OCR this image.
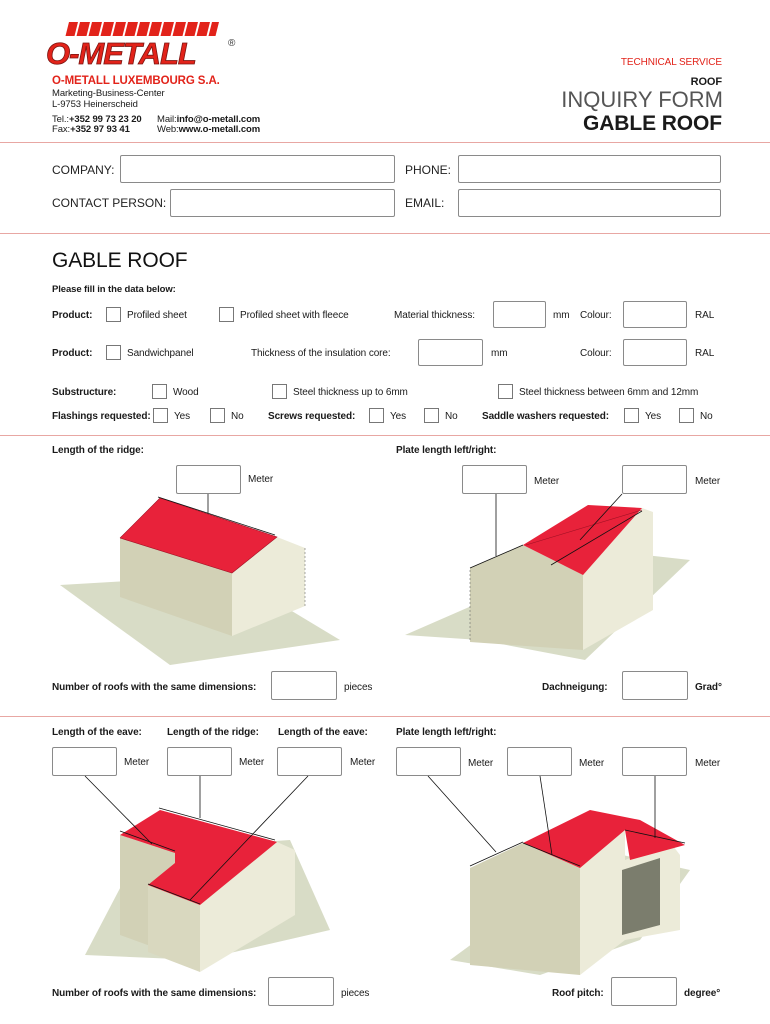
O-METALL	®
O-METALL LUXEMBOURG S.A.
Marketing-Business-Center
L-9753 Heinerscheid
Tel.:+352 99 73 23 20
Fax:+352 97 93 41
Mail:info@o-metall.com
Web:www.o-metall.com
TECHNICAL SERVICE
ROOF
INQUIRY FORM
GABLE ROOF
COMPANY:	PHONE:
CONTACT PERSON:	EMAIL:
GABLE ROOF
Please fill in the data below:
Product:	Profiled sheet	Profiled sheet with fleece	Material thickness:	mm Colour:	RAL
Product:	Sandwichpanel	Thickness of the insulation core:	mm	Colour:	RAL
Substructure:	Wood	Steel thickness up to 6mm	Steel thickness between 6mm and 12mm
Flashings requested: Yes	No Screws requested:	Yes	No Saddle washers requested:	Yes	No
Length of the ridge:	Plate length left/right:
Meter	Meter	Meter
Number of roofs with the same dimensions:	pieces	Dachneigung:	Grad°
Length of the eave:	Length of the ridge: Length of the eave:	Plate length left/right:
Meter	Meter	Meter	Meter	Meter	Meter
Number of roofs with the same dimensions:	pieces	Roof pitch:	degree°
